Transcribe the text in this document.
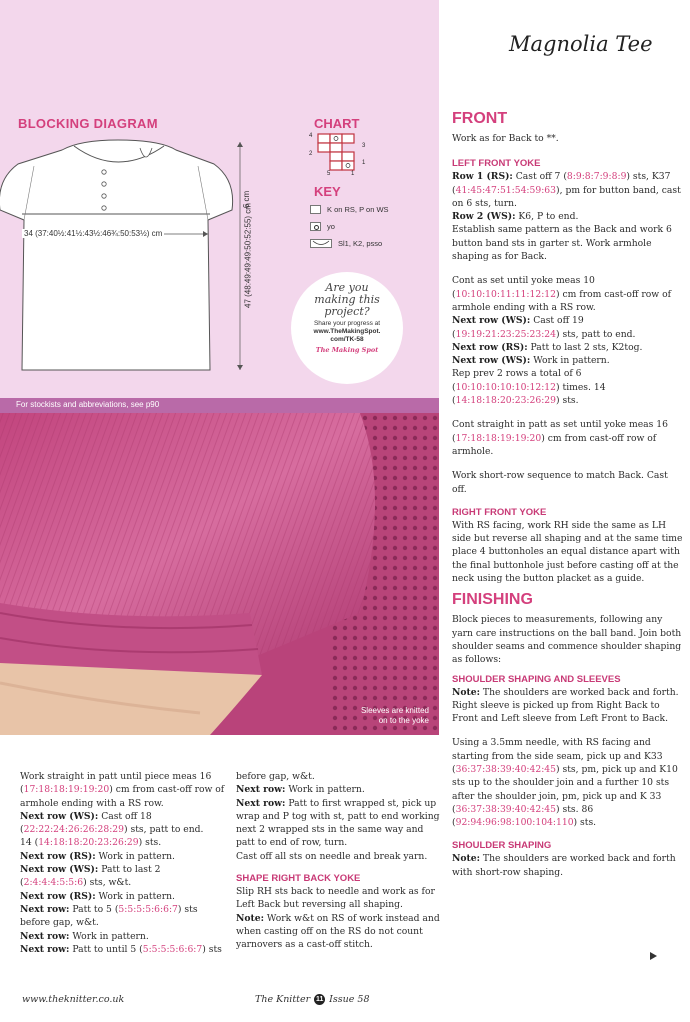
BLOCKING DIAGRAM
34 (37:40½:41½:43½:46¾:50:53½) cm	47 (48:49:49:49:50:52:55) cm
6 cm
CHART
4
3
2
1
5	1
KEY
K on RS, P on WS
yo
Sl1, K2, psso
Are you
making this
project?
Share your progress at
www.TheMakingSpot.
com/TK-58
The Making Spot
For stockists and abbreviations, see p90
Sleeves are knitted
on to the yoke
Magnolia Tee
FRONT

Work as for Back to **.

LEFT FRONT YOKE
Row 1 (RS): Cast off 7 (8:9:8:7:9:8:9) sts, K37 (41:45:47:51:54:59:63), pm for button band, cast on 6 sts, turn.
Row 2 (WS): K6, P to end.

Establish same pattern as the Back and work 6 button band sts in garter st. Work armhole shaping as for Back.

Cont as set until yoke meas 10 (10:10:10:11:11:12:12) cm from cast-off row of armhole ending with a RS row.
Next row (WS): Cast off 19 (19:19:21:23:25:23:24) sts, patt to end.
Next row (RS): Patt to last 2 sts, K2tog.
Next row (WS): Work in pattern.

Rep prev 2 rows a total of 6 (10:10:10:10:10:12:12) times. 14 (14:18:18:20:23:26:29) sts.

Cont straight in patt as set until yoke meas 16 (17:18:18:19:19:20) cm from cast-off row of armhole.

Work short-row sequence to match Back. Cast off.

RIGHT FRONT YOKE

With RS facing, work RH side the same as LH side but reverse all shaping and at the same time place 4 buttonholes an equal distance apart with the final buttonhole just before casting off at the neck using the button placket as a guide.

FINISHING

Block pieces to measurements, following any yarn care instructions on the ball band. Join both shoulder seams and commence shoulder shaping as follows:

SHOULDER SHAPING AND SLEEVES

Note: The shoulders are worked back and forth. Right sleeve is picked up from Right Back to Front and Left sleeve from Left Front to Back.

Using a 3.5mm needle, with RS facing and starting from the side seam, pick up and K33 (36:37:38:39:40:42:45) sts, pm, pick up and K10 sts up to the shoulder join and a further 10 sts after the shoulder join, pm, pick up and K 33 (36:37:38:39:40:42:45) sts. 86 (92:94:96:98:100:104:110) sts.

SHOULDER SHAPING

Note: The shoulders are worked back and forth with short-row shaping.

Work straight in patt until piece meas 16 (17:18:18:19:19:20) cm from cast-off row of armhole ending with a RS row.

Next row (WS): Cast off 18 (22:22:24:26:26:28:29) sts, patt to end.

14 (14:18:18:20:23:26:29) sts.

Next row (RS): Work in pattern.

Next row (WS): Patt to last 2 (2:4:4:4:5:5:6) sts, w&t.

Next row (RS): Work in pattern.

Next row: Patt to 5 (5:5:5:5:6:6:7) sts before gap, w&t.

Next row: Work in pattern.

Next row: Patt to until 5 (5:5:5:5:6:6:7) sts

before gap, w&t.

Next row: Work in pattern.

Next row: Patt to first wrapped st, pick up wrap and P tog with st, patt to end working next 2 wrapped sts in the same way and patt to end of row, turn.

Cast off all sts on needle and break yarn.

SHAPE RIGHT BACK YOKE

Slip RH sts back to needle and work as for Left Back but reversing all shaping.

Note: Work w&t on RS of work instead and when casting off on the RS do not count yarnovers as a cast-off stitch.

www.theknitter.co.uk	The Knitter 11 Issue 58
